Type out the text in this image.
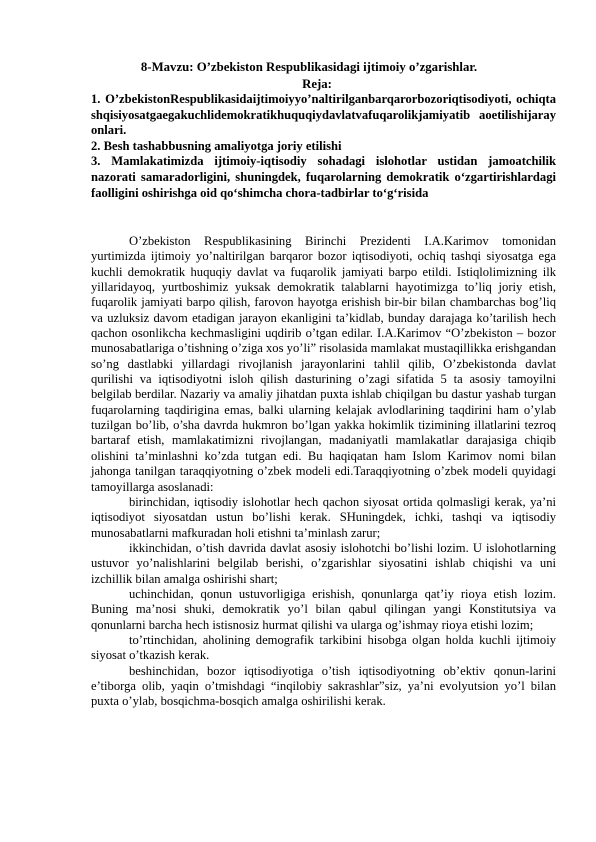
8-Mavzu: O’zbekiston Respublikasidagi ijtimoiy o’zgarishlar.
Reja:
1. O’zbekistonRespublikasidaijtimoiyyo’naltirilganbarqarorbozoriqtisodiyoti, ochiqtashqisiyosatgaegakuchlidemokratikhuquqiydavlatvafuqarolikjamiyatib aoetilishijarayonlari.
2. Besh tashabbusning amaliyotga joriy etilishi
3. Mamlakatimizda ijtimoiy-iqtisodiy sohadagi islohotlar ustidan jamoatchilik nazorati samaradorligini, shuningdek, fuqarolarning demokratik o‘zgartirishlardagi faolligini oshirishga oid qo‘shimcha chora-tadbirlar to‘g‘risida

O’zbekiston Respublikasining Birinchi Prezidenti I.A.Karimov tomonidan yurtimizda ijtimoiy yo’naltirilgan barqaror bozor iqtisodiyoti, ochiq tashqi siyosatga ega kuchli demokratik huquqiy davlat va fuqarolik jamiyati barpo etildi. Istiqlolimizning ilk yillaridayoq, yurtboshimiz yuksak demokratik talablarni hayotimizga to’liq joriy etish, fuqarolik jamiyati barpo qilish, farovon hayotga erishish bir-bir bilan chambarchas bog’liq va uzluksiz davom etadigan jarayon ekanligini ta’kidlab, bunday darajaga ko’tarilish hech qachon osonlikcha kechmasligini uqdirib o’tgan edilar. I.A.Karimov “O’zbekiston – bozor munosabatlariga o’tishning o’ziga xos yo’li” risolasida mamlakat mustaqillikka erishgandan so’ng dastlabki yillardagi rivojlanish jarayonlarini tahlil qilib, O’zbekistonda davlat qurilishi va iqtisodiyotni isloh qilish dasturining o’zagi sifatida 5 ta asosiy tamoyilni belgilab berdilar. Nazariy va amaliy jihatdan puxta ishlab chiqilgan bu dastur yashab turgan fuqarolarning taqdirigina emas, balki ularning kelajak avlodlarining taqdirini ham o’ylab tuzilgan bo’lib, o’sha davrda hukmron bo’lgan yakka hokimlik tizimining illatlarini tezroq bartaraf etish, mamlakatimizni rivojlangan, madaniyatli mamlakatlar darajasiga chiqib olishini ta’minlashni ko’zda tutgan edi. Bu haqiqatan ham Islom Karimov nomi bilan jahonga tanilgan taraqqiyotning o’zbek modeli edi.Taraqqiyotning o’zbek modeli quyidagi tamoyillarga asoslanadi:

birinchidan, iqtisodiy islohotlar hech qachon siyosat ortida qolmasligi kerak, ya’ni iqtisodiyot siyosatdan ustun bo’lishi kerak. SHuningdek, ichki, tashqi va iqtisodiy munosabatlarni mafkuradan holi etishni ta’minlash zarur;

ikkinchidan, o’tish davrida davlat asosiy islohotchi bo’lishi lozim. U islohotlarning ustuvor yo’nalishlarini belgilab berishi, o’zgarishlar siyosatini ishlab chiqishi va uni izchillik bilan amalga oshirishi shart;

uchinchidan, qonun ustuvorligiga erishish, qonunlarga qat’iy rioya etish lozim. Buning ma’nosi shuki, demokratik yo’l bilan qabul qilingan yangi Konstitutsiya va qonunlarni barcha hech istisnosiz hurmat qilishi va ularga og’ishmay rioya etishi lozim;

to’rtinchidan, aholining demografik tarkibini hisobga olgan holda kuchli ijtimoiy siyosat o’tkazish kerak.

beshinchidan, bozor iqtisodiyotiga o’tish iqtisodiyotning ob’ektiv qonun-larini e’tiborga olib, yaqin o’tmishdagi “inqilobiy sakrashlar”siz, ya’ni evolyutsion yo’l bilan puxta o’ylab, bosqichma-bosqich amalga oshirilishi kerak.
